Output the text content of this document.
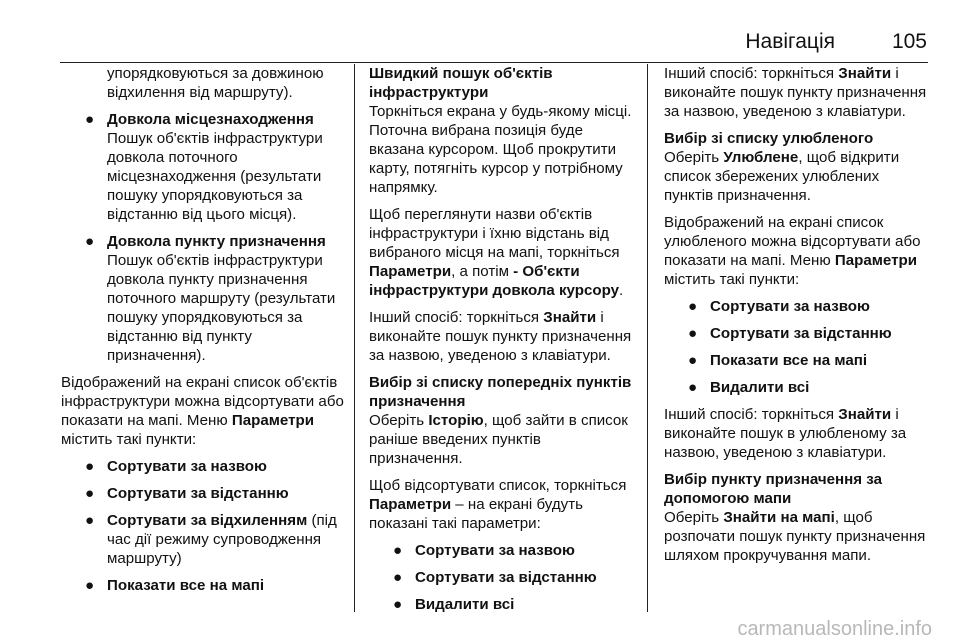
Навігація	105

упорядковуються за довжиною відхилення від маршруту).

● Довкола місцезнаходження
Пошук об'єктів інфраструктури довкола поточного місцезнаходження (результати пошуку упорядковуються за відстанню від цього місця).
● Довкола пункту призначення
Пошук об'єктів інфраструктури довкола пункту призначення поточного маршруту (результати пошуку упорядковуються за відстанню від пункту призначення).

Відображений на екрані список об'єктів інфраструктури можна відсортувати або показати на мапі. Меню Параметри містить такі пункти:

● Сортувати за назвою
● Сортувати за відстанню
● Сортувати за відхиленням (під час дії режиму супроводження маршруту)
● Показати все на мапі

Швидкий пошук об'єктів інфраструктури
Торкніться екрана у будь-якому місці. Поточна вибрана позиція буде вказана курсором. Щоб прокрутити карту, потягніть курсор у потрібному напрямку.

Щоб переглянути назви об'єктів інфраструктури і їхню відстань від вибраного місця на мапі, торкніться Параметри, а потім - Об'єкти інфраструктури довкола курсору.

Інший спосіб: торкніться Знайти і виконайте пошук пункту призначення за назвою, уведеною з клавіатури.

Вибір зі списку попередніх пунктів призначення
Оберіть Історію, щоб зайти в список раніше введених пунктів призначення.

Щоб відсортувати список, торкніться Параметри – на екрані будуть показані такі параметри:

● Сортувати за назвою
● Сортувати за відстанню
● Видалити всі

Інший спосіб: торкніться Знайти і виконайте пошук пункту призначення за назвою, уведеною з клавіатури.

Вибір зі списку улюбленого
Оберіть Улюблене, щоб відкрити список збережених улюблених пунктів призначення.

Відображений на екрані список улюбленого можна відсортувати або показати на мапі. Меню Параметри містить такі пункти:

● Сортувати за назвою
● Сортувати за відстанню
● Показати все на мапі
● Видалити всі

Інший спосіб: торкніться Знайти і виконайте пошук в улюбленому за назвою, уведеною з клавіатури.

Вибір пункту призначення за допомогою мапи
Оберіть Знайти на мапі, щоб розпочати пошук пункту призначення шляхом прокручування мапи.

carmanualsonline.info
